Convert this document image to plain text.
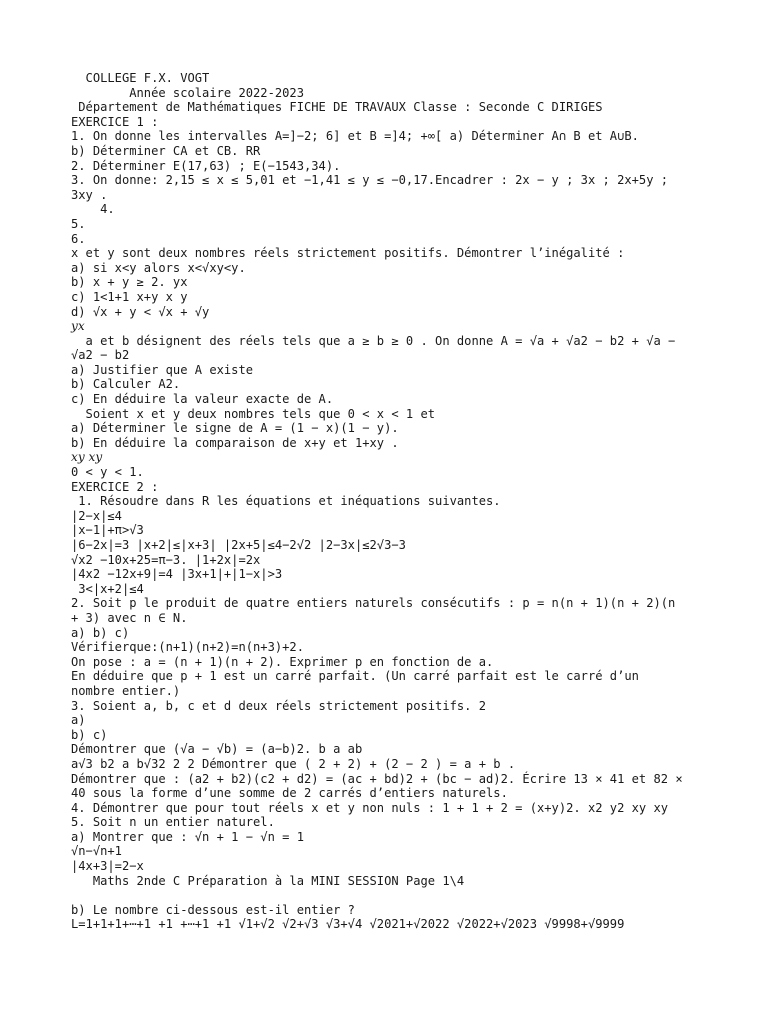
COLLEGE F.X. VOGT
Année scolaire 2022-2023
Département de Mathématiques FICHE DE TRAVAUX Classe : Seconde C DIRIGES
EXERCICE 1 :
1. On donne les intervalles A=]−2; 6] et B =]4; +∞[ a) Déterminer A∩ B et A∪B.
b) Déterminer CA et CB. RR
2. Déterminer E(17,63) ; E(−1543,34).
3. On donne: 2,15 ≤ x ≤ 5,01 et −1,41 ≤ y ≤ −0,17.Encadrer : 2x − y ; 3x ; 2x+5y ;
3xy .
4.
5.
6.
x et y sont deux nombres réels strictement positifs. Démontrer l’inégalité :
a) si x<y alors x<√xy<y.
b) x + y ≥ 2. yx
c) 1<1+1 x+y x y
d) √x + y < √x + √y
yx
a et b désignent des réels tels que a ≥ b ≥ 0 . On donne A = √a + √a2 − b2 + √a −
√a2 − b2
a) Justifier que A existe
b) Calculer A2.
c) En déduire la valeur exacte de A.
Soient x et y deux nombres tels que 0 < x < 1 et
a) Déterminer le signe de A = (1 − x)(1 − y).
b) En déduire la comparaison de x+y et 1+xy .
xy xy
0 < y < 1.
EXERCICE 2 :
1. Résoudre dans R les équations et inéquations suivantes.
|2−x|≤4
|x−1|+π>√3
|6−2x|=3 |x+2|≤|x+3| |2x+5|≤4−2√2 |2−3x|≤2√3−3
√x2 −10x+25=π−3. |1+2x|=2x
|4x2 −12x+9|=4 |3x+1|+|1−x|>3
3<|x+2|≤4
2. Soit p le produit de quatre entiers naturels consécutifs : p = n(n + 1)(n + 2)(n
+ 3) avec n ∈ N.
a) b) c)
Vérifierque:(n+1)(n+2)=n(n+3)+2.
On pose : a = (n + 1)(n + 2). Exprimer p en fonction de a.
En déduire que p + 1 est un carré parfait. (Un carré parfait est le carré d’un
nombre entier.)
3. Soient a, b, c et d deux réels strictement positifs. 2
a)
b) c)
Démontrer que (√a − √b) = (a−b)2. b a ab
a√3 b2 a b√32 2 2 Démontrer que ( 2 + 2) + (2 − 2 ) = a + b .
Démontrer que : (a2 + b2)(c2 + d2) = (ac + bd)2 + (bc − ad)2. Écrire 13 × 41 et 82 ×
40 sous la forme d’une somme de 2 carrés d’entiers naturels.
4. Démontrer que pour tout réels x et y non nuls : 1 + 1 + 2 = (x+y)2. x2 y2 xy xy
5. Soit n un entier naturel.
a) Montrer que : √n + 1 − √n = 1
√n−√n+1
|4x+3|=2−x
Maths 2nde C Préparation à la MINI SESSION Page 1\4
b) Le nombre ci-dessous est-il entier ?
L=1+1+1+⋯+1 +1 +⋯+1 +1 √1+√2 √2+√3 √3+√4 √2021+√2022 √2022+√2023 √9998+√9999
